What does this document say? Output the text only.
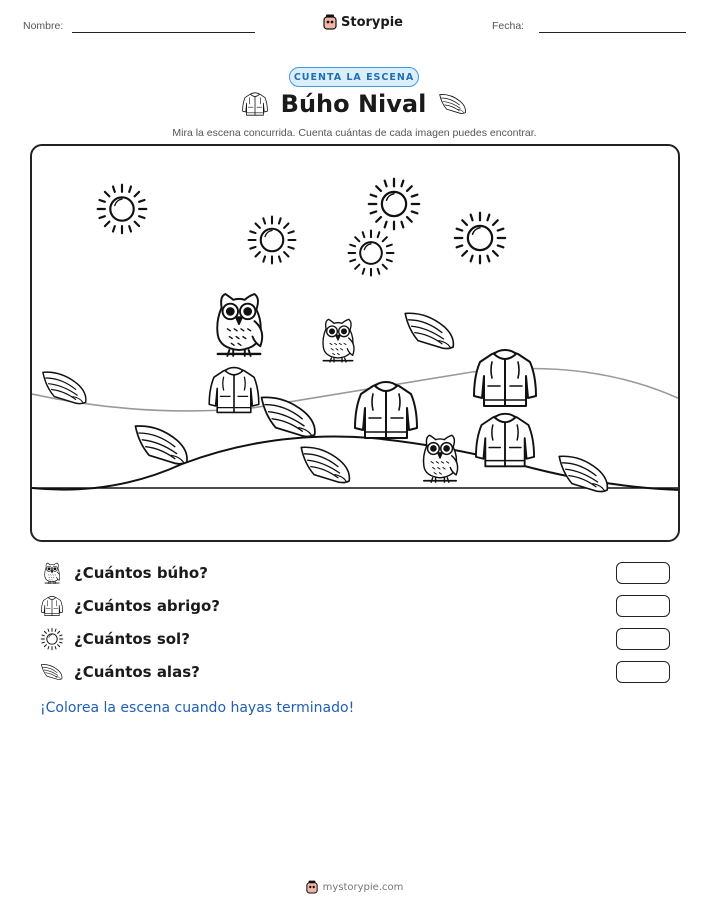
Nombre:	Storypie	Fecha:
CUENTA LA ESCENA
Búho Nival
Mira la escena concurrida. Cuenta cuántas de cada imagen puedes encontrar.
¿Cuántos búho?
¿Cuántos abrigo?
¿Cuántos sol?
¿Cuántos alas?
¡Colorea la escena cuando hayas terminado!
mystorypie.com
